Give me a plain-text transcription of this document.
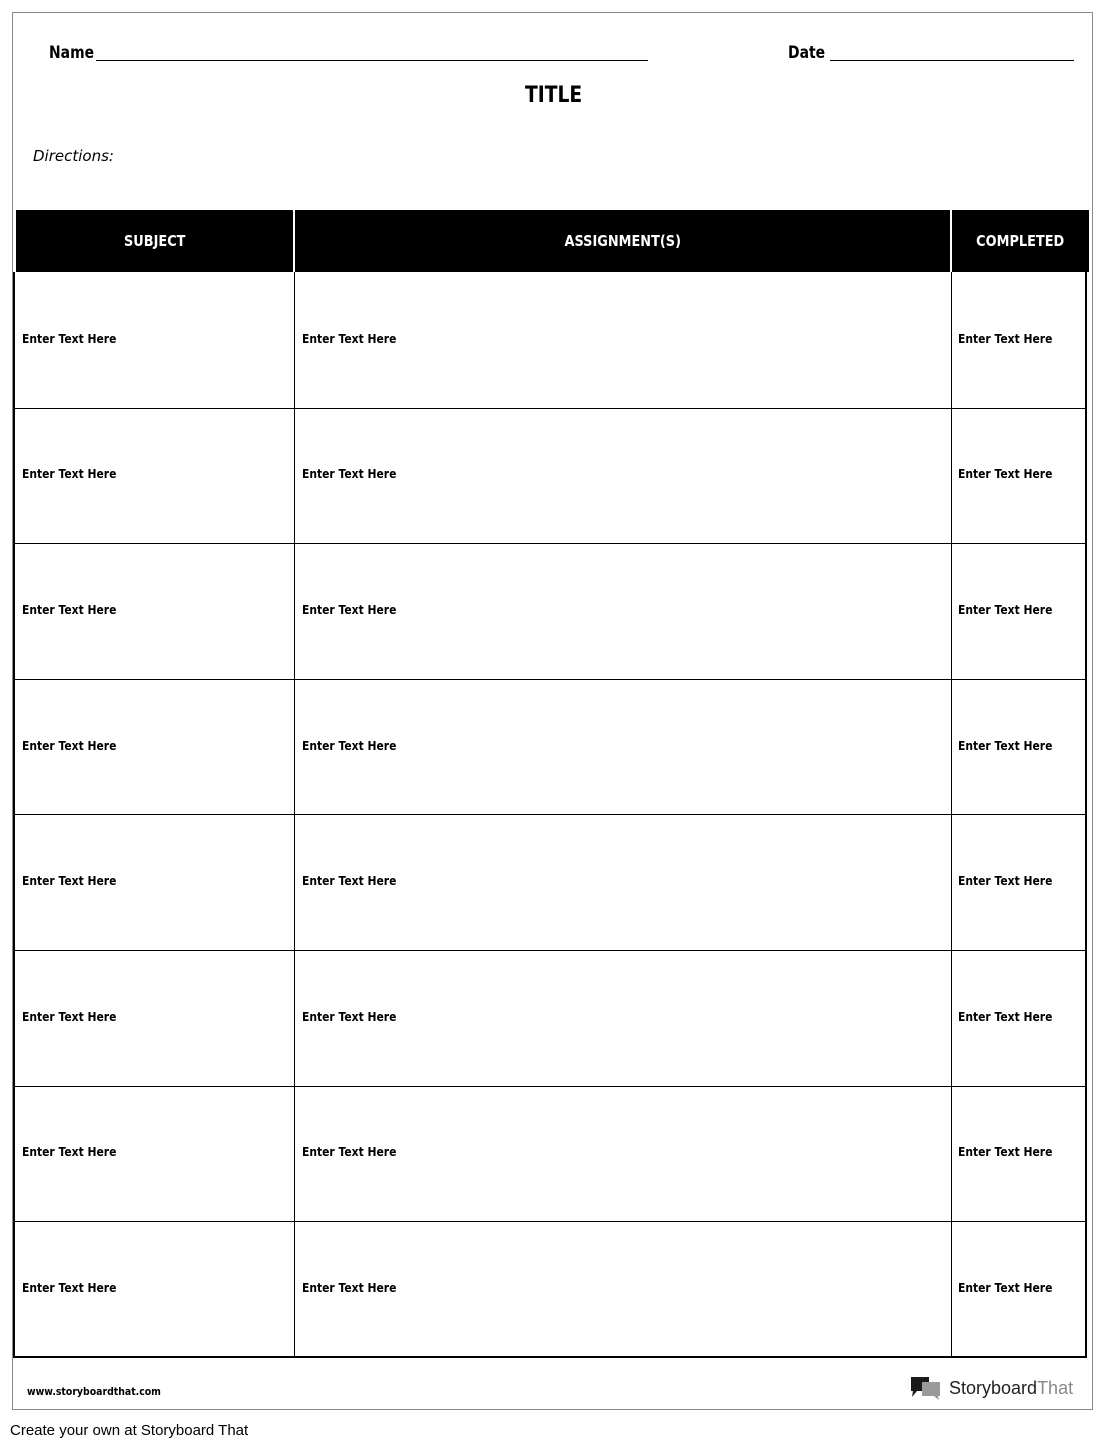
Name	Date
TITLE
Directions:
SUBJECT	ASSIGNMENT(S)	COMPLETED
Enter Text Here	Enter Text Here	Enter Text Here
Enter Text Here	Enter Text Here	Enter Text Here
Enter Text Here	Enter Text Here	Enter Text Here
Enter Text Here	Enter Text Here	Enter Text Here
Enter Text Here	Enter Text Here	Enter Text Here
Enter Text Here	Enter Text Here	Enter Text Here
Enter Text Here	Enter Text Here	Enter Text Here
Enter Text Here	Enter Text Here	Enter Text Here
www.storyboardthat.com	StoryboardThat
Create your own at Storyboard That
